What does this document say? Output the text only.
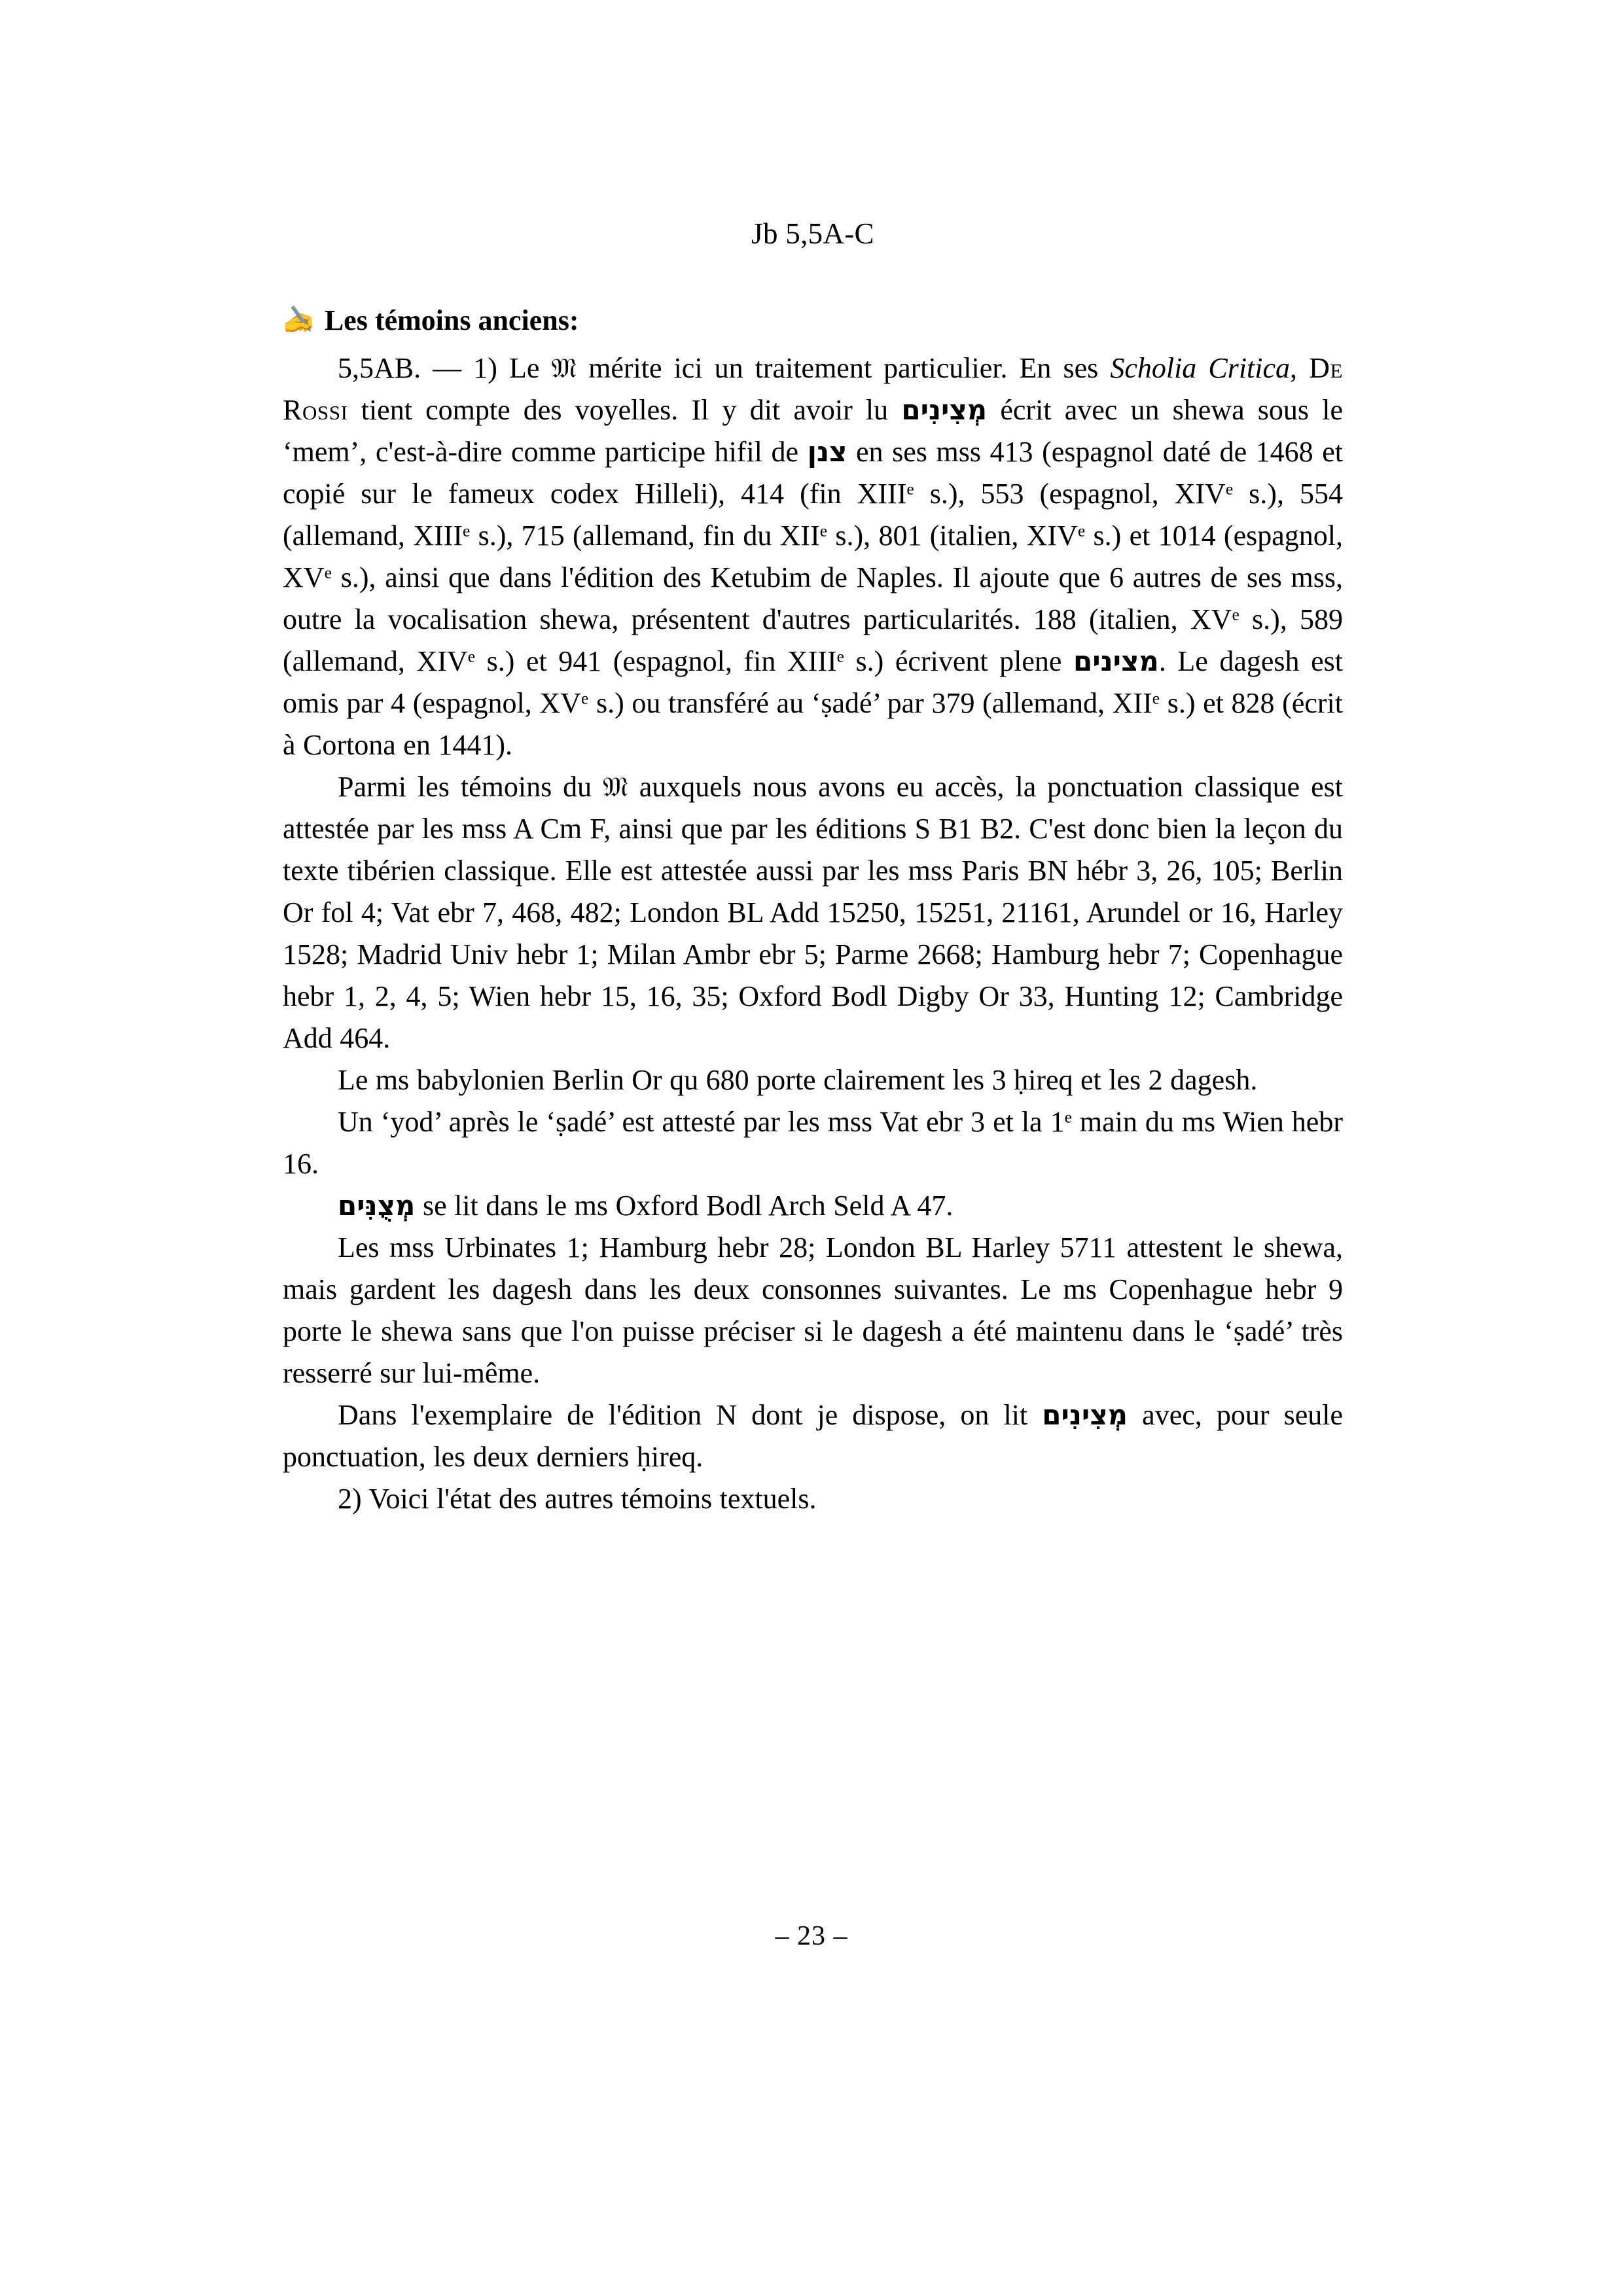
Jb 5,5A-C
✍ Les témoins anciens:

5,5AB. — 1) Le 𝔐 mérite ici un traitement particulier. En ses Scholia Critica, De Rossi tient compte des voyelles. Il y dit avoir lu מְצִינִים écrit avec un shewa sous le ‘mem’, c'est-à-dire comme participe hifil de צנן en ses mss 413 (espagnol daté de 1468 et copié sur le fameux codex Hilleli), 414 (fin XIIIe s.), 553 (espagnol, XIVe s.), 554 (allemand, XIIIe s.), 715 (allemand, fin du XIIe s.), 801 (italien, XIVe s.) et 1014 (espagnol, XVe s.), ainsi que dans l'édition des Ketubim de Naples. Il ajoute que 6 autres de ses mss, outre la vocalisation shewa, présentent d'autres particularités. 188 (italien, XVe s.), 589 (allemand, XIVe s.) et 941 (espagnol, fin XIIIe s.) écrivent plene מצינים. Le dagesh est omis par 4 (espagnol, XVe s.) ou transféré au ‘ṣadé’ par 379 (allemand, XIIe s.) et 828 (écrit à Cortona en 1441).

Parmi les témoins du 𝔐 auxquels nous avons eu accès, la ponctuation classique est attestée par les mss A Cm F, ainsi que par les éditions S B1 B2. C'est donc bien la leçon du texte tibérien classique. Elle est attestée aussi par les mss Paris BN hébr 3, 26, 105; Berlin Or fol 4; Vat ebr 7, 468, 482; London BL Add 15250, 15251, 21161, Arundel or 16, Harley 1528; Madrid Univ hebr 1; Milan Ambr ebr 5; Parme 2668; Hamburg hebr 7; Copenhague hebr 1, 2, 4, 5; Wien hebr 15, 16, 35; Oxford Bodl Digby Or 33, Hunting 12; Cambridge Add 464.

Le ms babylonien Berlin Or qu 680 porte clairement les 3 ḥireq et les 2 dagesh.

Un ‘yod’ après le ‘ṣadé’ est attesté par les mss Vat ebr 3 et la 1e main du ms Wien hebr 16.

מְצֻנִּים se lit dans le ms Oxford Bodl Arch Seld A 47.

Les mss Urbinates 1; Hamburg hebr 28; London BL Harley 5711 attestent le shewa, mais gardent les dagesh dans les deux consonnes suivantes. Le ms Copenhague hebr 9 porte le shewa sans que l'on puisse préciser si le dagesh a été maintenu dans le ‘ṣadé’ très resserré sur lui-même.

Dans l'exemplaire de l'édition N dont je dispose, on lit מְצִינִים avec, pour seule ponctuation, les deux derniers ḥireq.

2) Voici l'état des autres témoins textuels.

– 23 –
